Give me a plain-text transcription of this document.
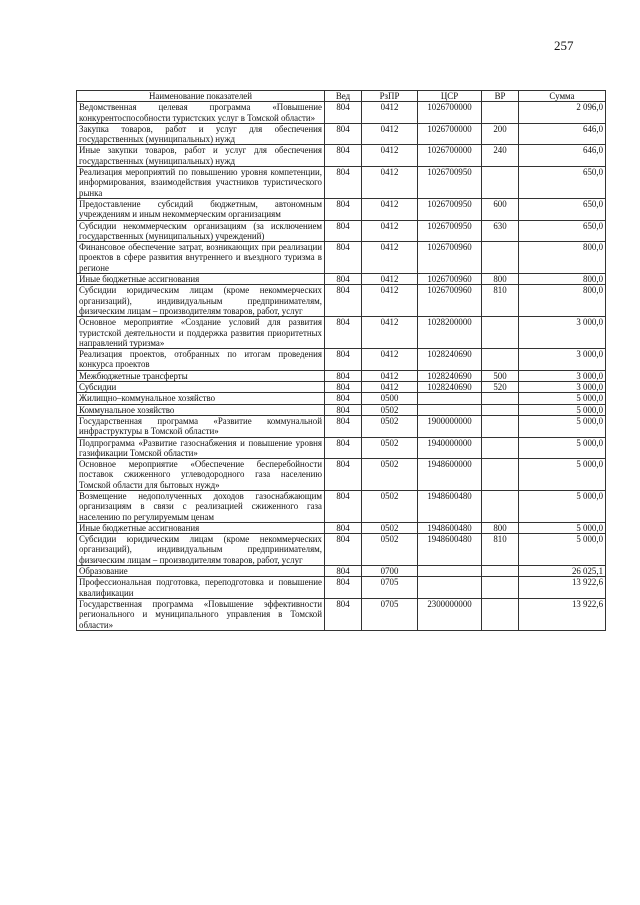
257
Наименование показателей	Вед	РзПР	ЦСР	ВР	Сумма
Ведомственная целевая программа «Повышение конкурентоспособности туристских услуг в Томской области»	804	0412	1026700000		2 096,0
Закупка товаров, работ и услуг для обеспечения государственных (муниципальных) нужд	804	0412	1026700000	200	646,0
Иные закупки товаров, работ и услуг для обеспечения государственных (муниципальных) нужд	804	0412	1026700000	240	646,0
Реализация мероприятий по повышению уровня компетенции, информирования, взаимодействия участников туристического рынка	804	0412	1026700950		650,0
Предоставление субсидий бюджетным, автономным учреждениям и иным некоммерческим организациям	804	0412	1026700950	600	650,0
Субсидии некоммерческим организациям (за исключением государственных (муниципальных) учреждений)	804	0412	1026700950	630	650,0
Финансовое обеспечение затрат, возникающих при реализации проектов в сфере развития внутреннего и въездного туризма в регионе	804	0412	1026700960		800,0
Иные бюджетные ассигнования	804	0412	1026700960	800	800,0
Субсидии юридическим лицам (кроме некоммерческих организаций), индивидуальным предпринимателям, физическим лицам – производителям товаров, работ, услуг	804	0412	1026700960	810	800,0
Основное мероприятие «Создание условий для развития туристской деятельности и поддержка развития приоритетных направлений туризма»	804	0412	1028200000		3 000,0
Реализация проектов, отобранных по итогам проведения конкурса проектов	804	0412	1028240690		3 000,0
Межбюджетные трансферты	804	0412	1028240690	500	3 000,0
Субсидии	804	0412	1028240690	520	3 000,0
Жилищно–коммунальное хозяйство	804	0500			5 000,0
Коммунальное хозяйство	804	0502			5 000,0
Государственная программа «Развитие коммунальной инфраструктуры в Томской области»	804	0502	1900000000		5 000,0
Подпрограмма «Развитие газоснабжения и повышение уровня газификации Томской области»	804	0502	1940000000		5 000,0
Основное мероприятие «Обеспечение бесперебойности поставок сжиженного углеводородного газа населению Томской области для бытовых нужд»	804	0502	1948600000		5 000,0
Возмещение недополученных доходов газоснабжающим организациям в связи с реализацией сжиженного газа населению по регулируемым ценам	804	0502	1948600480		5 000,0
Иные бюджетные ассигнования	804	0502	1948600480	800	5 000,0
Субсидии юридическим лицам (кроме некоммерческих организаций), индивидуальным предпринимателям, физическим лицам – производителям товаров, работ, услуг	804	0502	1948600480	810	5 000,0
Образование	804	0700			26 025,1
Профессиональная подготовка, переподготовка и повышение квалификации	804	0705			13 922,6
Государственная программа «Повышение эффективности регионального и муниципального управления в Томской области»	804	0705	2300000000		13 922,6
